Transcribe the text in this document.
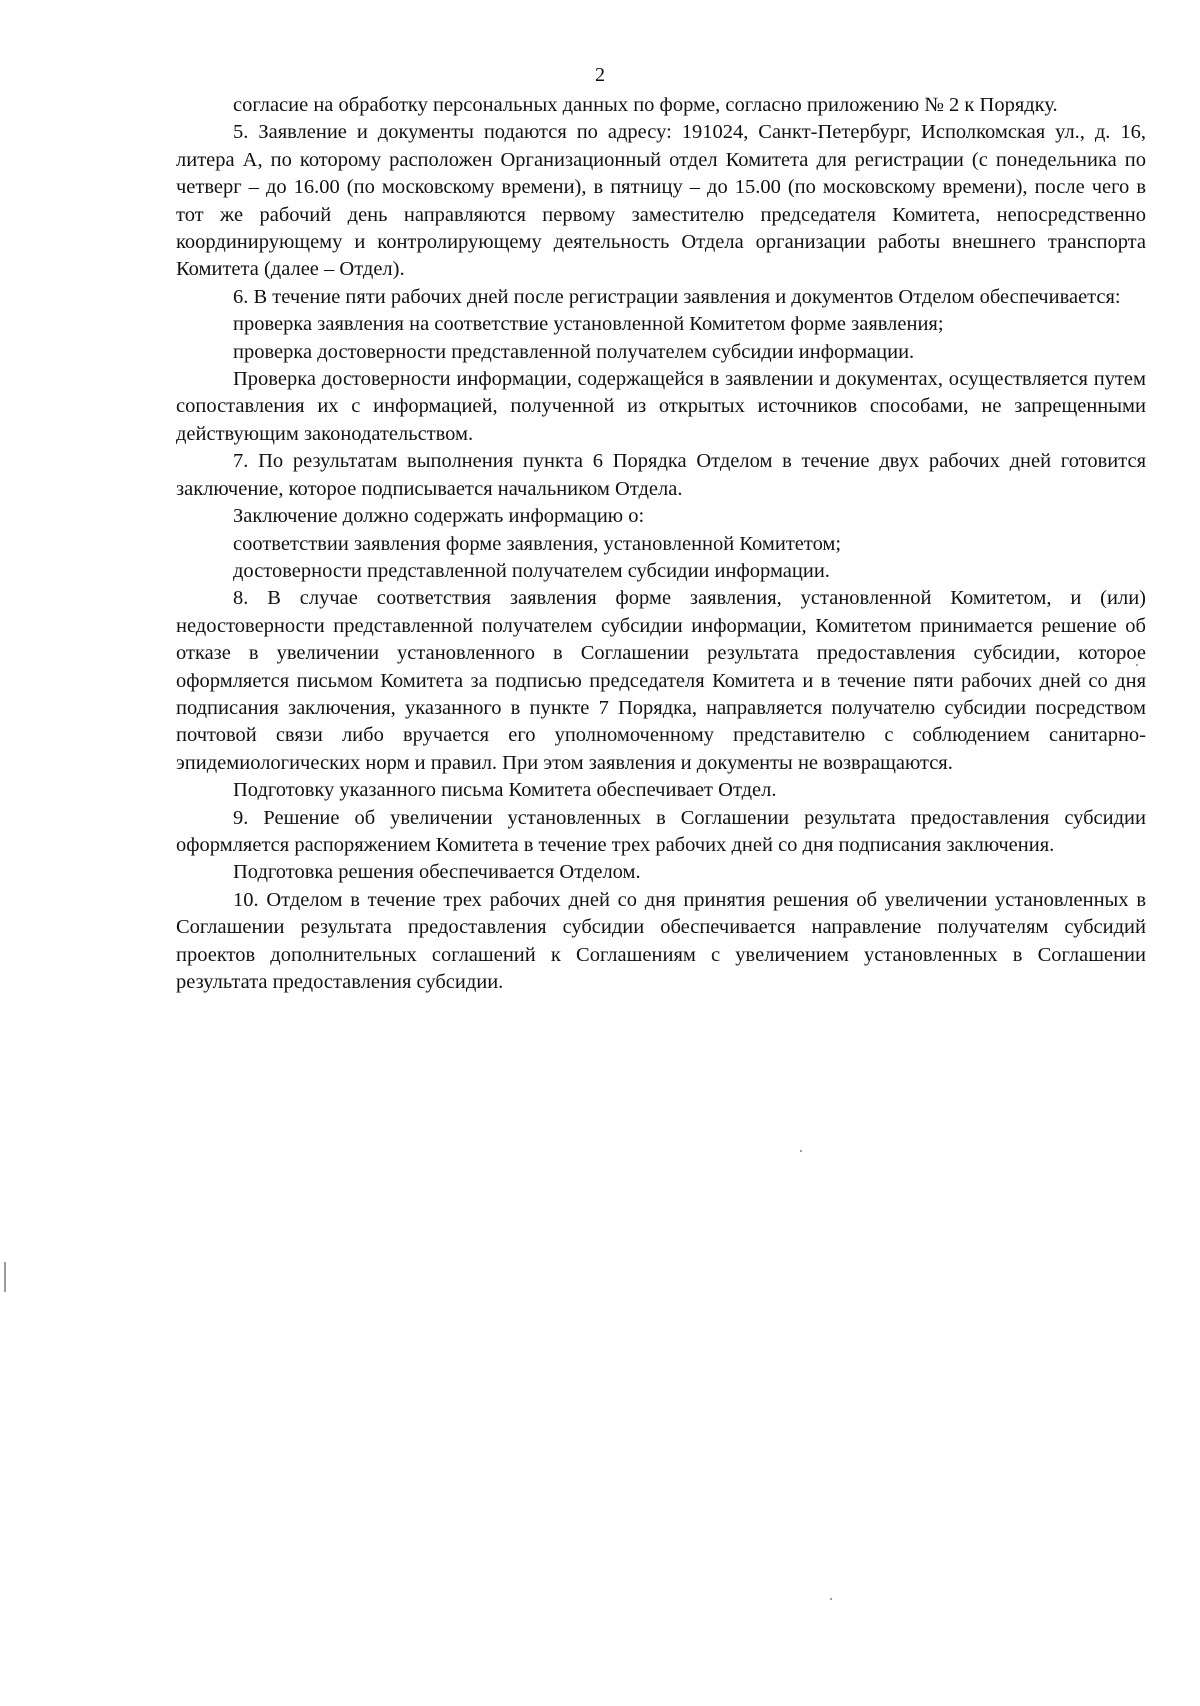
2

согласие на обработку персональных данных по форме, согласно приложению № 2 к Порядку.

5. Заявление и документы подаются по адресу: 191024, Санкт-Петербург, Исполкомская ул., д. 16, литера А, по которому расположен Организационный отдел Комитета для регистрации (с понедельника по четверг – до 16.00 (по московскому времени), в пятницу – до 15.00 (по московскому времени), после чего в тот же рабочий день направляются первому заместителю председателя Комитета, непосредственно координирующему и контролирующему деятельность Отдела организации работы внешнего транспорта Комитета (далее – Отдел).

6. В течение пяти рабочих дней после регистрации заявления и документов Отделом обеспечивается:

проверка заявления на соответствие установленной Комитетом форме заявления;

проверка достоверности представленной получателем субсидии информации.

Проверка достоверности информации, содержащейся в заявлении и документах, осуществляется путем сопоставления их с информацией, полученной из открытых источников способами, не запрещенными действующим законодательством.

7. По результатам выполнения пункта 6 Порядка Отделом в течение двух рабочих дней готовится заключение, которое подписывается начальником Отдела.

Заключение должно содержать информацию о:

соответствии заявления форме заявления, установленной Комитетом;

достоверности представленной получателем субсидии информации.

8. В случае соответствия заявления форме заявления, установленной Комитетом, и (или) недостоверности представленной получателем субсидии информации, Комитетом принимается решение об отказе в увеличении установленного в Соглашении результата предоставления субсидии, которое оформляется письмом Комитета за подписью председателя Комитета и в течение пяти рабочих дней со дня подписания заключения, указанного в пункте 7 Порядка, направляется получателю субсидии посредством почтовой связи либо вручается его уполномоченному представителю с соблюдением санитарно-эпидемиологических норм и правил. При этом заявления и документы не возвращаются.

Подготовку указанного письма Комитета обеспечивает Отдел.

9. Решение об увеличении установленных в Соглашении результата предоставления субсидии оформляется распоряжением Комитета в течение трех рабочих дней со дня подписания заключения.

Подготовка решения обеспечивается Отделом.

10. Отделом в течение трех рабочих дней со дня принятия решения об увеличении установленных в Соглашении результата предоставления субсидии обеспечивается направление получателям субсидий проектов дополнительных соглашений к Соглашениям с увеличением установленных в Соглашении результата предоставления субсидии.
